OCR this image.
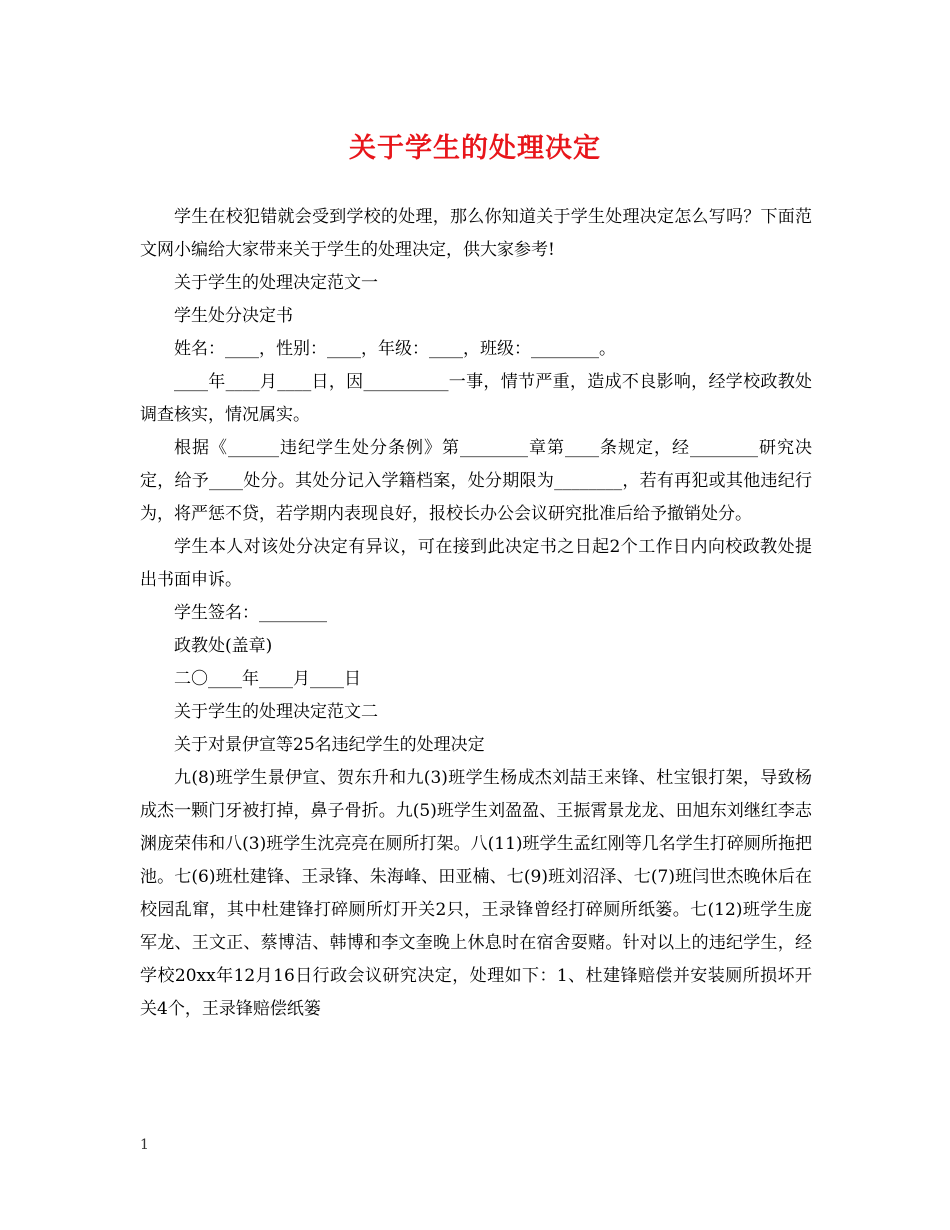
关于学生的处理决定

学生在校犯错就会受到学校的处理，那么你知道关于学生处理决定怎么写吗？下面范文网小编给大家带来关于学生的处理决定，供大家参考!

关于学生的处理决定范文一

学生处分决定书

姓名：____，性别：____，年级：____，班级：________。

____年____月____日，因__________一事，情节严重，造成不良影响，经学校政教处调查核实，情况属实。

根据《______违纪学生处分条例》第________章第____条规定，经________研究决定，给予____处分。其处分记入学籍档案，处分期限为________，若有再犯或其他违纪行为，将严惩不贷，若学期内表现良好，报校长办公会议研究批准后给予撤销处分。

学生本人对该处分决定有异议，可在接到此决定书之日起2个工作日内向校政教处提出书面申诉。

学生签名：________

政教处(盖章)

二〇____年____月____日

关于学生的处理决定范文二

关于对景伊宣等25名违纪学生的处理决定

九(8)班学生景伊宣、贺东升和九(3)班学生杨成杰刘喆王来锋、杜宝银打架，导致杨成杰一颗门牙被打掉，鼻子骨折。九(5)班学生刘盈盈、王振霄景龙龙、田旭东刘继红李志渊庞荣伟和八(3)班学生沈亮亮在厕所打架。八(11)班学生孟红刚等几名学生打碎厕所拖把池。七(6)班杜建锋、王录锋、朱海峰、田亚楠、七(9)班刘沼泽、七(7)班闫世杰晚休后在校园乱窜，其中杜建锋打碎厕所灯开关2只，王录锋曾经打碎厕所纸篓。七(12)班学生庞军龙、王文正、蔡博洁、韩博和李文奎晚上休息时在宿舍耍赌。针对以上的违纪学生，经学校20xx年12月16日行政会议研究决定，处理如下：1、杜建锋赔偿并安装厕所损坏开关4个，王录锋赔偿纸篓

1
